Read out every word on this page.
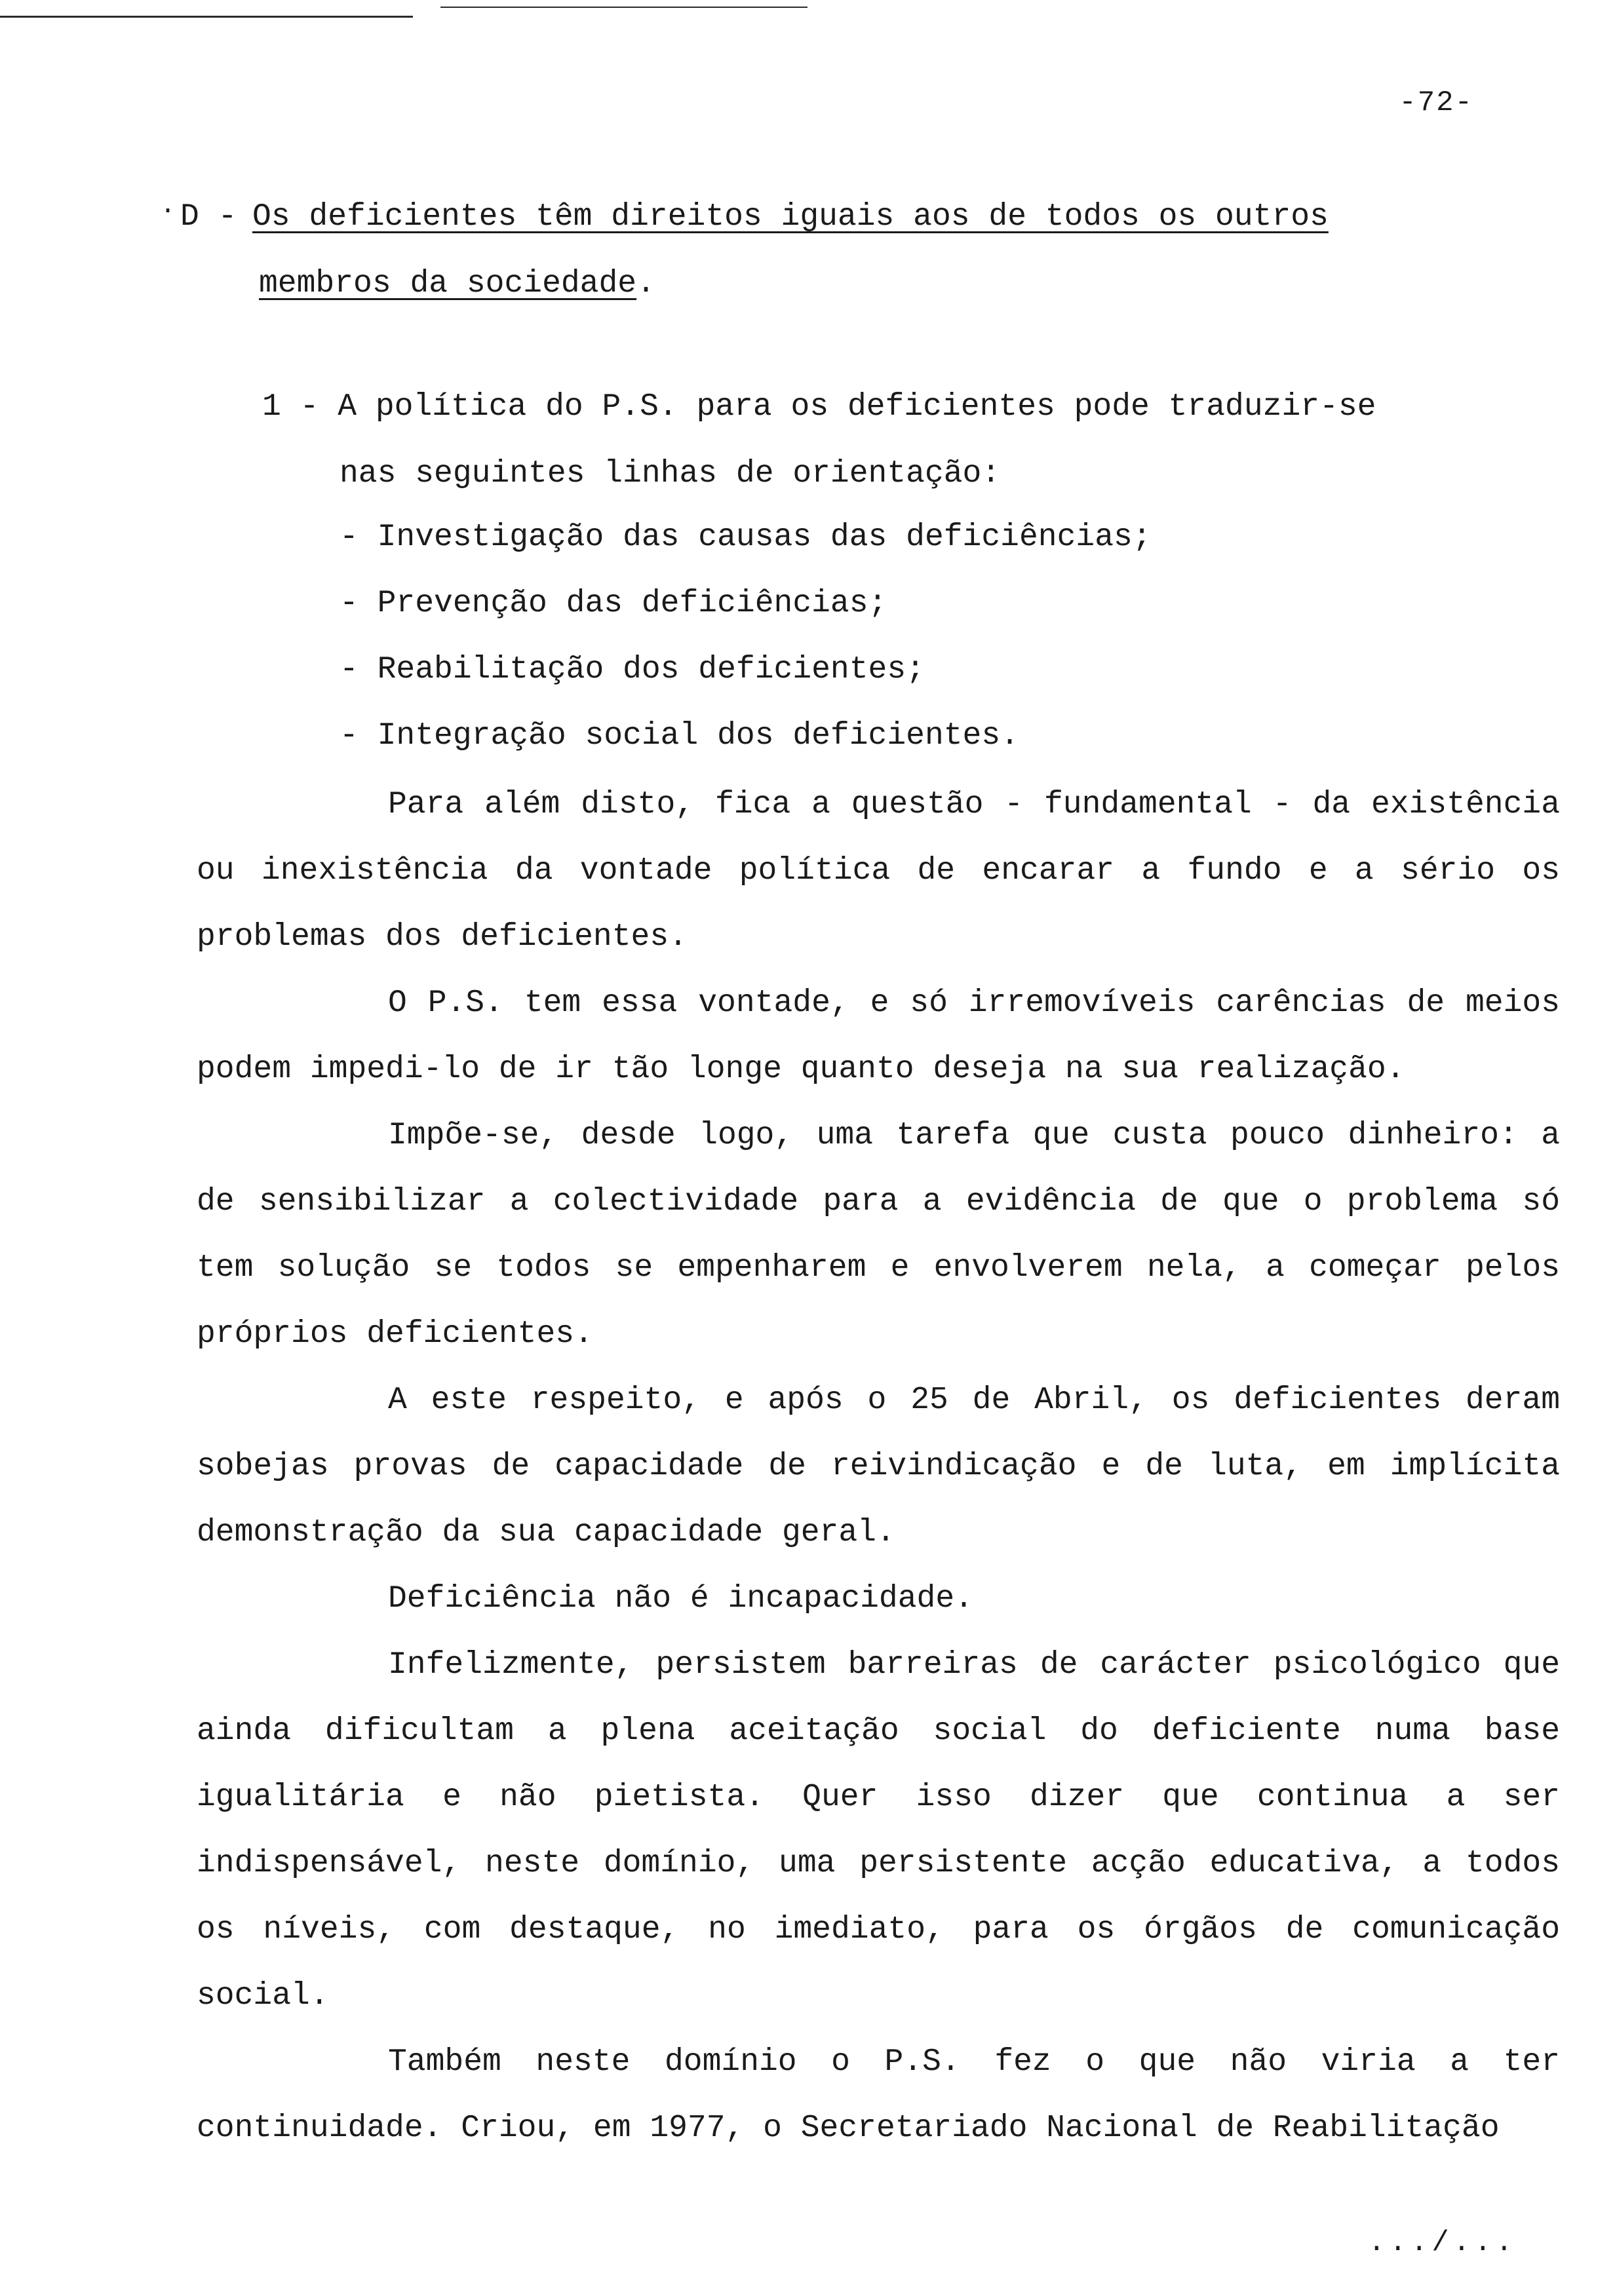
-72-
· D - Os deficientes têm direitos iguais aos de todos os outros
membros da sociedade.
1 - A política do P.S. para os deficientes pode traduzir-se
nas seguintes linhas de orientação:
- Investigação das causas das deficiências;
- Prevenção das deficiências;
- Reabilitação dos deficientes;
- Integração social dos deficientes.

Para além disto, fica a questão - fundamental - da existência ou inexistência da vontade política de encarar a fundo e a sério os problemas dos deficientes.

O P.S. tem essa vontade, e só irremovíveis carências de meios podem impedi-lo de ir tão longe quanto deseja na sua realização.

Impõe-se, desde logo, uma tarefa que custa pouco dinheiro: a de sensibilizar a colectividade para a evidência de que o problema só tem solução se todos se empenharem e envolverem nela, a começar pelos próprios deficientes.

A este respeito, e após o 25 de Abril, os deficientes deram sobejas provas de capacidade de reivindicação e de luta, em implícita demonstração da sua capacidade geral.

Deficiência não é incapacidade.

Infelizmente, persistem barreiras de carácter psicológico que ainda dificultam a plena aceitação social do deficiente numa base igualitária e não pietista. Quer isso dizer que continua a ser indispensável, neste domínio, uma persistente acção educativa, a todos os níveis, com destaque, no imediato, para os órgãos de comunicação social.

Também neste domínio o P.S. fez o que não viria a ter continuidade. Criou, em 1977, o Secretariado Nacional de Reabilitação

.../...
